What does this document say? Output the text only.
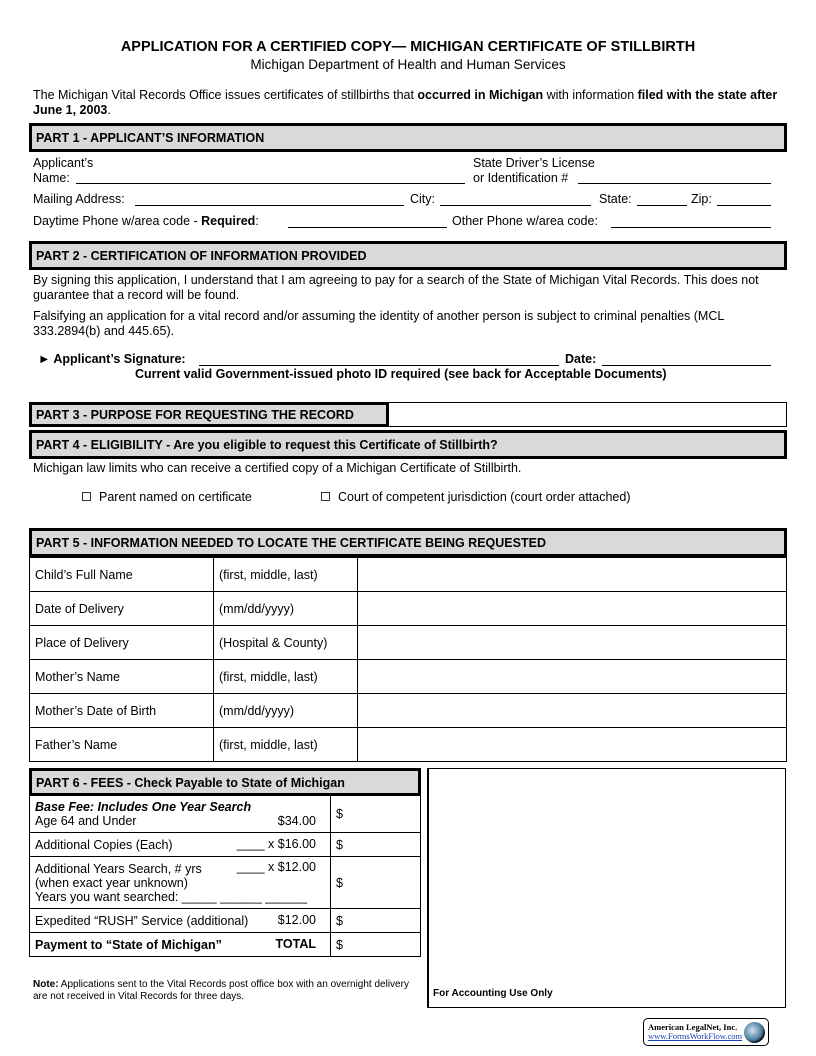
APPLICATION FOR A CERTIFIED COPY— MICHIGAN CERTIFICATE OF STILLBIRTH
Michigan Department of Health and Human Services
The Michigan Vital Records Office issues certificates of stillbirths that occurred in Michigan with information filed with the state after June 1, 2003.
PART 1 - APPLICANT’S INFORMATION
Applicant’s
Name:
State Driver’s License
or Identification #
Mailing Address:	City:	State:	Zip:
Daytime Phone w/area code - Required:	Other Phone w/area code:
PART 2 - CERTIFICATION OF INFORMATION PROVIDED
By signing this application, I understand that I am agreeing to pay for a search of the State of Michigan Vital Records. This does not guarantee that a record will be found.
Falsifying an application for a vital record and/or assuming the identity of another person is subject to criminal penalties (MCL 333.2894(b) and 445.65).
► Applicant’s Signature:	Date:
Current valid Government-issued photo ID required (see back for Acceptable Documents)
PART 3 - PURPOSE FOR REQUESTING THE RECORD
PART 4 - ELIGIBILITY - Are you eligible to request this Certificate of Stillbirth?
Michigan law limits who can receive a certified copy of a Michigan Certificate of Stillbirth.
Parent named on certificate	Court of competent jurisdiction (court order attached)
PART 5 - INFORMATION NEEDED TO LOCATE THE CERTIFICATE BEING REQUESTED
Child’s Full Name	(first, middle, last)	
Date of Delivery	(mm/dd/yyyy)	
Place of Delivery	(Hospital & County)	
Mother’s Name	(first, middle, last)	
Mother’s Date of Birth	(mm/dd/yyyy)	
Father’s Name	(first, middle, last)	
PART 6 - FEES - Check Payable to State of Michigan
Base Fee: Includes One Year Search
Age 64 and Under $34.00	$

Additional Copies (Each) ____ x $16.00	$
Additional Years Search, # yrs ____ x $12.00

(when exact year unknown)
Years you want searched: _____ ______ ______	$
Expedited “RUSH” Service (additional) $12.00	$
Payment to “State of Michigan” TOTAL	$
For Accounting Use Only
Note: Applications sent to the Vital Records post office box with an overnight delivery are not received in Vital Records for three days.
American LegalNet, Inc.
www.FormsWorkFlow.com
